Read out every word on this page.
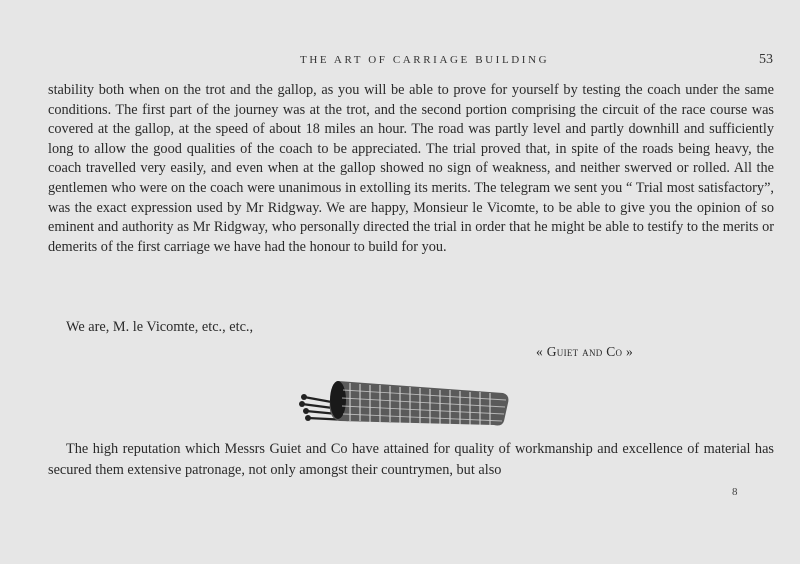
THE ART OF CARRIAGE BUILDING	53

stability both when on the trot and the gallop, as you will be able to prove for yourself by testing the coach under the same conditions. The first part of the journey was at the trot, and the second portion comprising the circuit of the race course was covered at the gallop, at the speed of about 18 miles an hour. The road was partly level and partly downhill and sufficiently long to allow the good qualities of the coach to be appreciated. The trial proved that, in spite of the roads being heavy, the coach travelled very easily, and even when at the gallop showed no sign of weakness, and neither swerved or rolled. All the gentlemen who were on the coach were unanimous in extolling its merits. The telegram we sent you “ Trial most satisfactory”, was the exact expression used by Mr Ridgway. We are happy, Monsieur le Vicomte, to be able to give you the opinion of so eminent and authority as Mr Ridgway, who personally directed the trial in order that he might be able to testify to the merits or demerits of the first carriage we have had the honour to build for you.

We are, M. le Vicomte, etc., etc.,

« Guiet and Co »

The high reputation which Messrs Guiet and Co have attained for quality of workmanship and excellence of material has secured them extensive patronage, not only amongst their countrymen, but also

8
